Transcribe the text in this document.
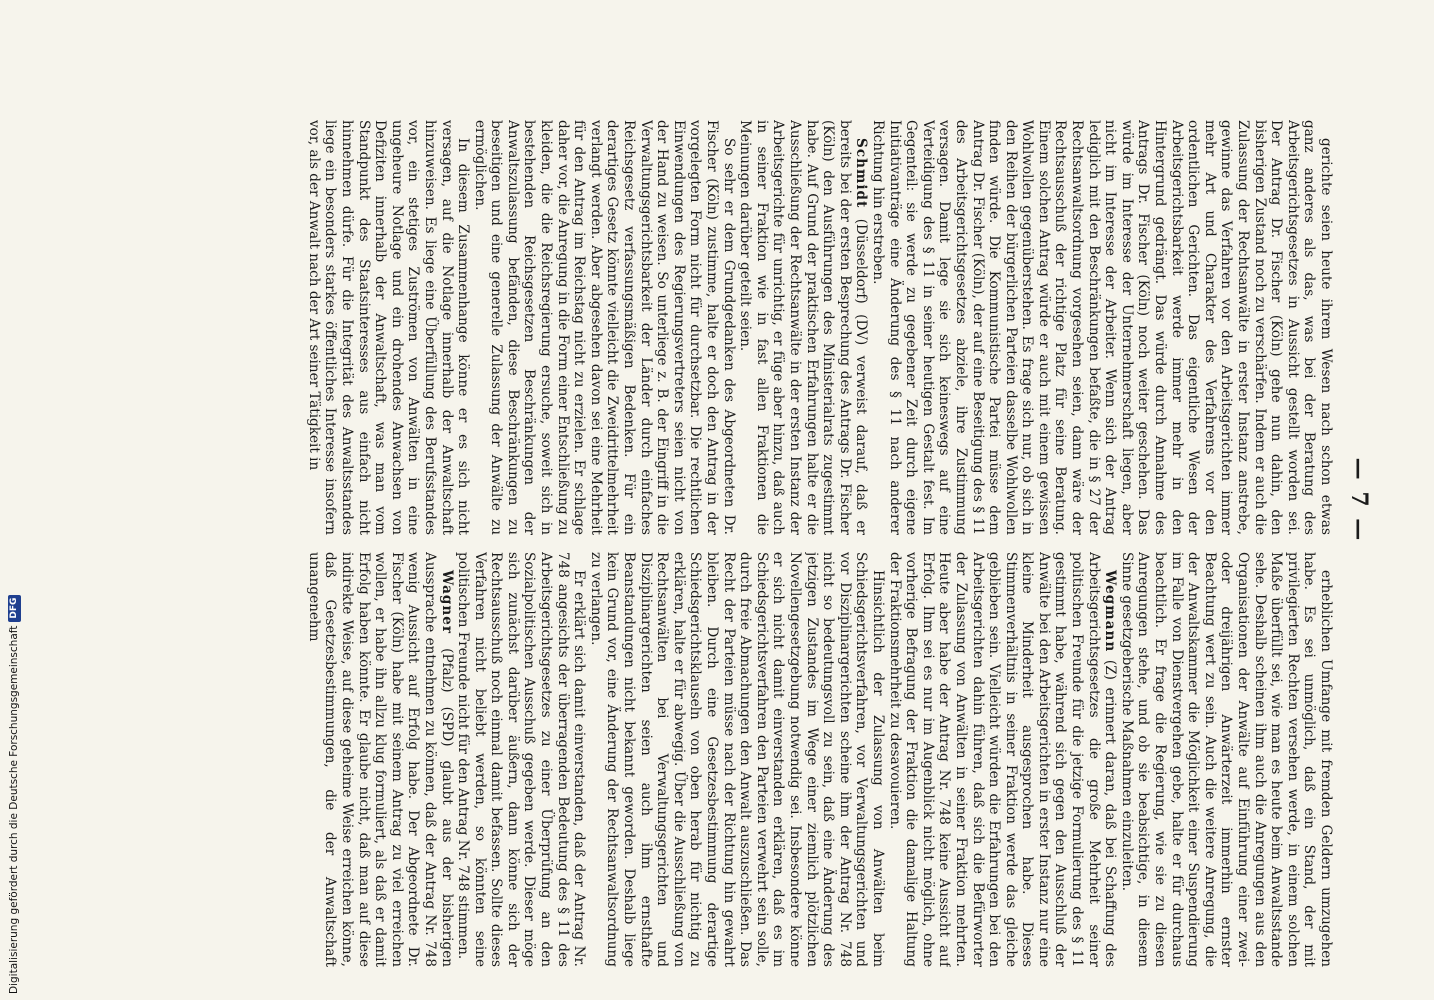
— 7 —

gerichte seien heute ihrem Wesen nach schon etwas ganz anderes als das, was bei der Beratung des Arbeitsgerichtsgesetzes in Aussicht gestellt worden sei. Der Antrag Dr. Fischer (Köln) gehe nun dahin, den bisherigen Zustand noch zu verschärfen. Indem er auch die Zulassung der Rechtsanwälte in erster Instanz anstrebe, gewinne das Verfahren vor den Arbeitsgerichten immer mehr Art und Charakter des Verfahrens vor den ordentlichen Gerichten. Das eigentliche Wesen der Arbeitsgerichtsbarkeit werde immer mehr in den Hintergrund gedrängt. Das würde durch Annahme des Antrags Dr. Fischer (Köln) noch weiter geschehen. Das würde im Interesse der Unternehmerschaft liegen, aber nicht im Interesse der Arbeiter. Wenn sich der Antrag lediglich mit den Beschränkungen befaßte, die in § 27 der Rechtsanwaltsordnung vorgesehen seien, dann wäre der Rechtsausschuß der richtige Platz für seine Beratung. Einem solchen Antrag würde er auch mit einem gewissen Wohlwollen gegenüberstehen. Es frage sich nur, ob sich in den Reihen der bürgerlichen Parteien dasselbe Wohlwollen finden würde. Die Kommunistische Partei müsse dem Antrag Dr. Fischer (Köln), der auf eine Beseitigung des § 11 des Arbeitsgerichtsgesetzes abziele, ihre Zustimmung versagen. Damit lege sie sich keineswegs auf eine Verteidigung des § 11 in seiner heutigen Gestalt fest. Im Gegenteil: sie werde zu gegebener Zeit durch eigene Initiativanträge eine Änderung des § 11 nach anderer Richtung hin erstreben.

Schmidt (Düsseldorf) (DV) verweist darauf, daß er bereits bei der ersten Besprechung des Antrags Dr. Fischer (Köln) den Ausführungen des Ministerialrats zugestimmt habe. Auf Grund der praktischen Erfahrungen halte er die Ausschließung der Rechtsanwälte in der ersten Instanz der Arbeitsgerichte für unrichtig, er füge aber hinzu, daß auch in seiner Fraktion wie in fast allen Fraktionen die Meinungen darüber geteilt seien.

So sehr er dem Grundgedanken des Abgeordneten Dr. Fischer (Köln) zustimme, halte er doch den Antrag in der vorgelegten Form nicht für durchsetzbar. Die rechtlichen Einwendungen des Regierungsvertreters seien nicht von der Hand zu weisen. So unterliege z. B. der Eingriff in die Verwaltungsgerichtsbarkeit der Länder durch einfaches Reichsgesetz verfassungsmäßigen Bedenken. Für ein derartiges Gesetz könnte vielleicht die Zweidrittelmehrheit verlangt werden. Aber abgesehen davon sei eine Mehrheit für den Antrag im Reichstag nicht zu erzielen. Er schlage daher vor, die Anregung in die Form einer Entschließung zu kleiden, die die Reichsregierung ersuche, soweit sich in bestehenden Reichsgesetzen Beschränkungen der Anwaltszulassung befänden, diese Beschränkungen zu beseitigen und eine generelle Zulassung der Anwälte zu ermöglichen.

In diesem Zusammenhange könne er es sich nicht versagen, auf die Notlage innerhalb der Anwaltschaft hinzuweisen. Es liege eine Überfüllung des Berufsstandes vor, ein stetiges Zuströmen von Anwälten in eine ungeheure Notlage und ein drohendes Anwachsen von Defiziten innerhalb der Anwaltschaft, was man vom Standpunkt des Staatsinteresses aus einfach nicht hinnehmen dürfe. Für die Integrität des Anwaltsstandes liege ein besonders starkes öffentliches Interesse insofern vor, als der Anwalt nach der Art seiner Tätigkeit in

erheblichen Umfange mit fremden Geldern umzugehen habe. Es sei unmöglich, daß ein Stand, der mit privilegierten Rechten versehen werde, in einem solchen Maße überfüllt sei, wie man es heute beim Anwaltsstande sehe. Deshalb scheinen ihm auch die Anregungen aus den Organisationen der Anwälte auf Einführung einer zwei- oder dreijährigen Anwärterzeit immerhin ernster Beachtung wert zu sein. Auch die weitere Anregung, die der Anwaltskammer die Möglichkeit einer Suspendierung im Falle von Dienstvergehen gebe, halte er für durchaus beachtlich. Er frage die Regierung, wie sie zu diesen Anregungen stehe, und ob sie beabsichtige, in diesem Sinne gesetzgeberische Maßnahmen einzuleiten.

Wegmann (Z) erinnert daran, daß bei Schaffung des Arbeitsgerichtsgesetzes die große Mehrheit seiner politischen Freunde für die jetzige Formulierung des § 11 gestimmt habe, während sich gegen den Ausschluß der Anwälte bei den Arbeitsgerichten in erster Instanz nur eine kleine Minderheit ausgesprochen habe. Dieses Stimmenverhältnis in seiner Fraktion werde das gleiche geblieben sein. Vielleicht würden die Erfahrungen bei den Arbeitsgerichten dahin führen, daß sich die Befürworter der Zulassung von Anwälten in seiner Fraktion mehrten. Heute aber habe der Antrag Nr. 748 keine Aussicht auf Erfolg. Ihm sei es nur im Augenblick nicht möglich, ohne vorherige Befragung der Fraktion die damalige Haltung der Fraktionsmehrheit zu desavouieren.

Hinsichtlich der Zulassung von Anwälten beim Schiedsgerichtsverfahren, vor Verwaltungsgerichten und vor Disziplinargerichten scheine ihm der Antrag Nr. 748 nicht so bedeutungsvoll zu sein, daß eine Änderung des jetzigen Zustandes im Wege einer ziemlich plötzlichen Novellengesetzgebung notwendig sei. Insbesondere könne er sich nicht damit einverstanden erklären, daß es im Schiedsgerichtsverfahren den Parteien verwehrt sein solle, durch freie Abmachungen den Anwalt auszuschließen. Das Recht der Parteien müsse nach der Richtung hin gewahrt bleiben. Durch eine Gesetzesbestimmung derartige Schiedsgerichtsklauseln von oben herab für nichtig zu erklären, halte er für abwegig. Über die Ausschließung von Rechtsanwälten bei Verwaltungsgerichten und Disziplinargerichten seien auch ihm ernsthafte Beanstandungen nicht bekannt geworden. Deshalb liege kein Grund vor, eine Änderung der Rechtsanwaltsordnung zu verlangen.

Er erklärt sich damit einverstanden, daß der Antrag Nr. 748 angesichts der überragenden Bedeutung des § 11 des Arbeitsgerichtsgesetzes zu einer Überprüfung an den Sozialpolitischen Ausschuß gegeben werde. Dieser möge sich zunächst darüber äußern, dann könne sich der Rechtsausschuß noch einmal damit befassen. Sollte dieses Verfahren nicht beliebt werden, so könnten seine politischen Freunde nicht für den Antrag Nr. 748 stimmen.

Wagner (Pfalz) (SPD) glaubt aus der bisherigen Aussprache entnehmen zu können, daß der Antrag Nr. 748 wenig Aussicht auf Erfolg habe. Der Abgeordnete Dr. Fischer (Köln) habe mit seinem Antrag zu viel erreichen wollen, er habe ihn allzu klug formuliert, als daß er damit Erfolg haben könnte. Er glaube nicht, daß man auf diese indirekte Weise, auf diese geheime Weise erreichen könne, daß Gesetzesbestimmungen, die der Anwaltschaft unangenehm

Digitalisierung gefördert durch die Deutsche Forschungsgemeinschaft
DFG
